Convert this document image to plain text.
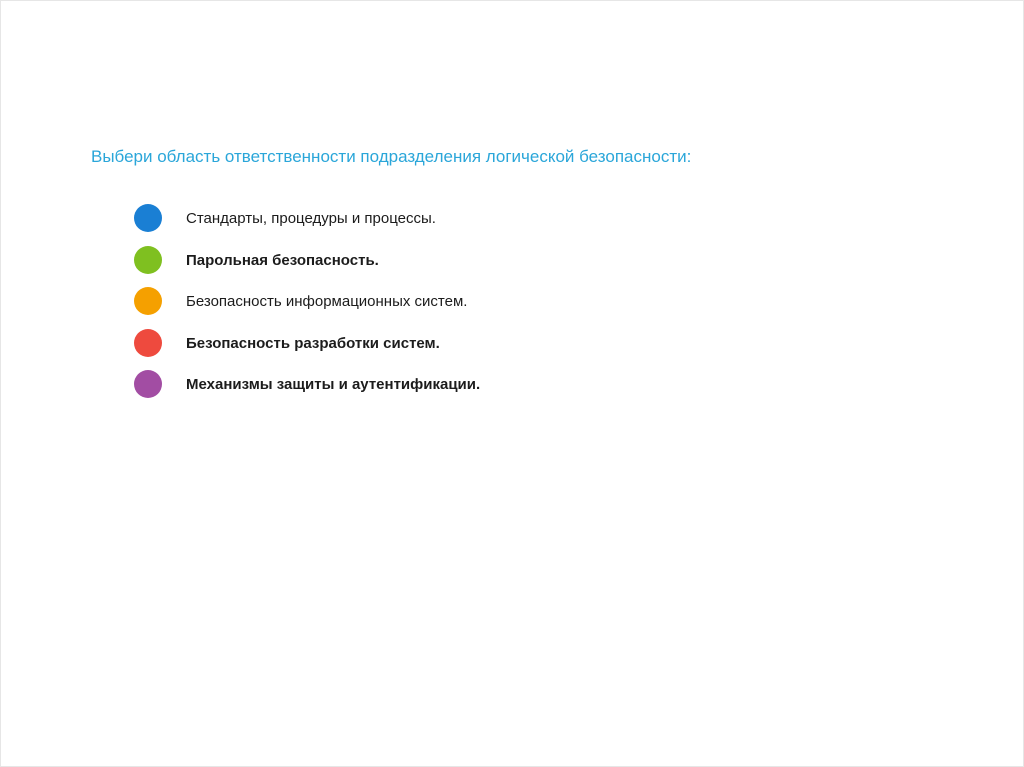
Выбери область ответственности подразделения логической безопасности:
Стандарты, процедуры и процессы.
Парольная безопасность.
Безопасность информационных систем.
Безопасность разработки систем.
Механизмы защиты и аутентификации.
